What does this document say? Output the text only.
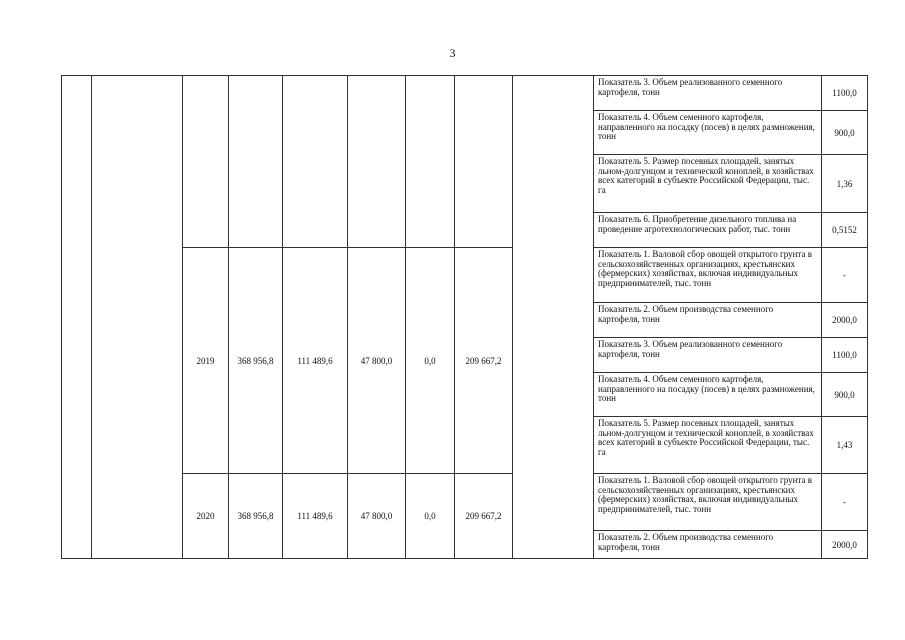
3
									Показатель 3. Объем реализованного семенного картофеля, тонн	1100,0
									Показатель 4. Объем семенного картофеля, направленного на посадку (посев) в целях размножения, тонн	900,0
									Показатель 5. Размер посевных площадей, занятых льном-долгунцом и технической коноплей, в хозяйствах всех категорий в субъекте Российской Федерации, тыс. га	1,36
									Показатель 6. Приобретение дизельного топлива на проведение агротехнологических работ, тыс. тонн	0,5152
		2019	368 956,8	111 489,6	47 800,0	0,0	209 667,2		Показатель 1. Валовой сбор овощей открытого грунта в сельскохозяйственных организациях, крестьянских (фермерских) хозяйствах, включая индивидуальных предпринимателей, тыс. тонн	-
									Показатель 2. Объем производства семенного картофеля, тонн	2000,0
									Показатель 3. Объем реализованного семенного картофеля, тонн	1100,0
									Показатель 4. Объем семенного картофеля, направленного на посадку (посев) в целях размножения, тонн	900,0
									Показатель 5. Размер посевных площадей, занятых льном-долгунцом и технической коноплей, в хозяйствах всех категорий в субъекте Российской Федерации, тыс. га	1,43
		2020	368 956,8	111 489,6	47 800,0	0,0	209 667,2		Показатель 1. Валовой сбор овощей открытого грунта в сельскохозяйственных организациях, крестьянских (фермерских) хозяйствах, включая индивидуальных предпринимателей, тыс. тонн	-
									Показатель 2. Объем производства семенного картофеля, тонн	2000,0
